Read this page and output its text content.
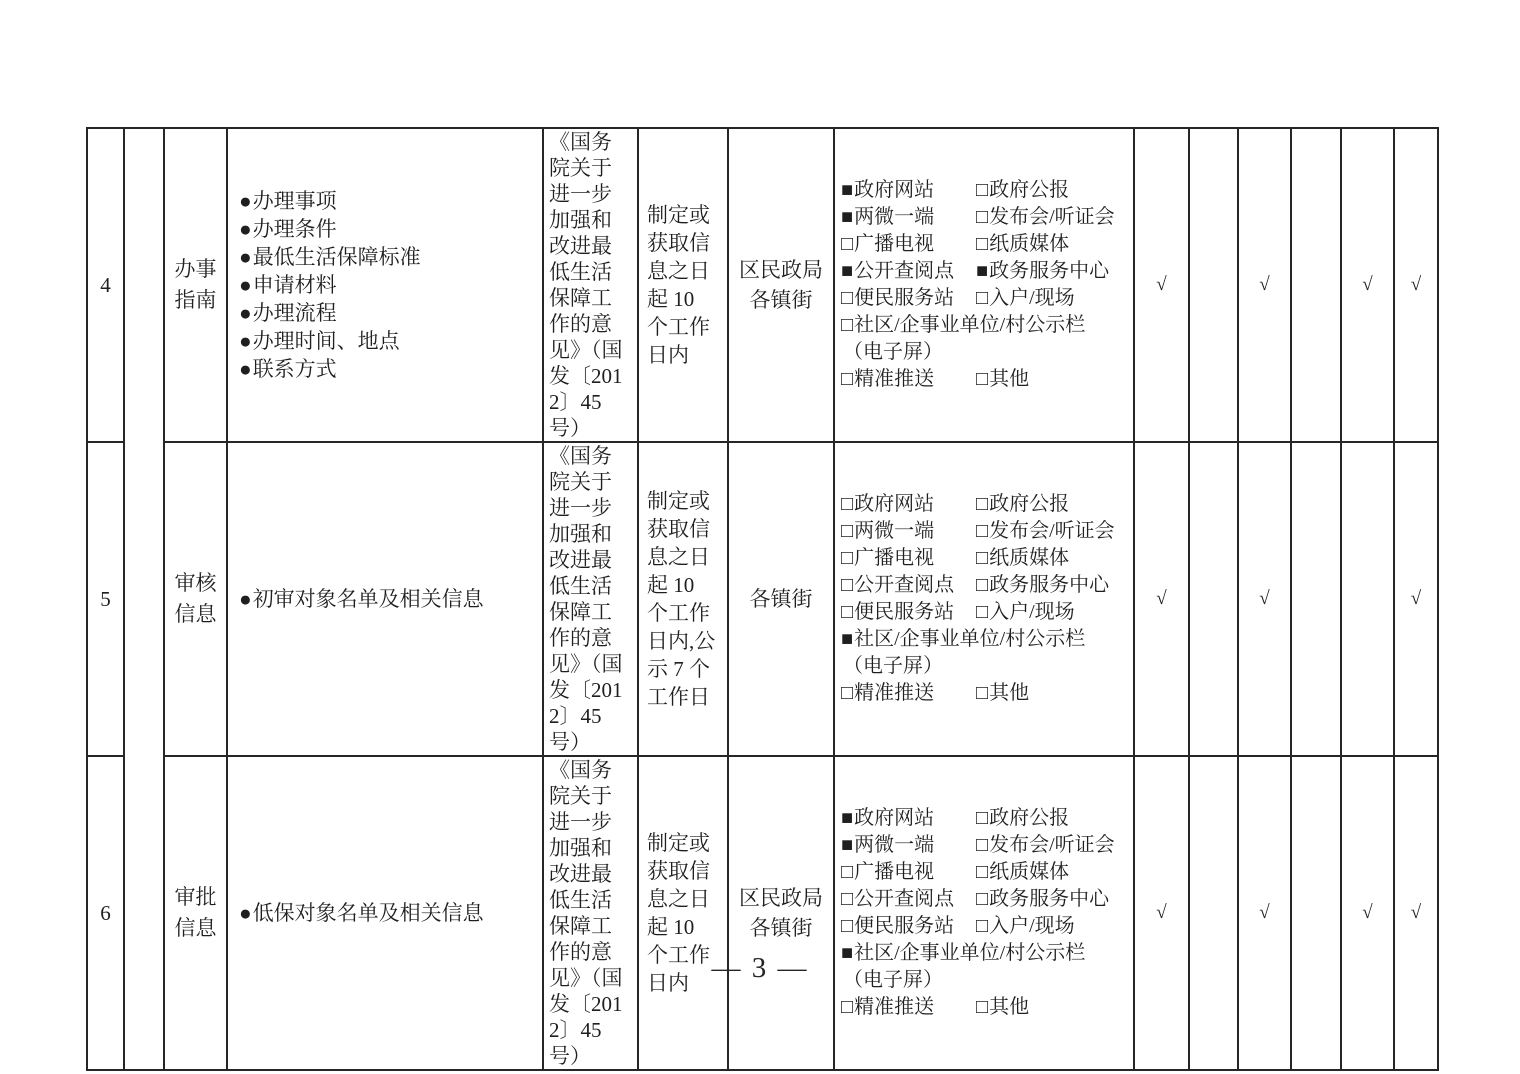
4		办事指南	
●办理事项
●办理条件
●最低生活保障标准
●申请材料
●办理流程
●办理时间、地点
●联系方式
	《国务院关于进一步加强和改进最低生活保障工作的意见》（国发〔2012〕45 号）	制定或获取信息之日起 10 个工作日内	区民政局各镇街	
■政府网站	□政府公报
■两微一端	□发布会/听证会
□广播电视	□纸质媒体
■公开查阅点	■政务服务中心
□便民服务站	□入户/现场
□社区/企事业单位/村公示栏
（电子屏）
□精准推送	□其他
	√		√		√	√
5	审核信息	
●初审对象名单及相关信息
	《国务院关于进一步加强和改进最低生活保障工作的意见》（国发〔2012〕45 号）	制定或获取信息之日起 10 个工作日内,公示 7 个工作日	各镇街	
□政府网站	□政府公报
□两微一端	□发布会/听证会
□广播电视	□纸质媒体
□公开查阅点	□政务服务中心
□便民服务站	□入户/现场
■社区/企事业单位/村公示栏
（电子屏）
□精准推送	□其他
	√		√			√
6	审批信息	
●低保对象名单及相关信息
	《国务院关于进一步加强和改进最低生活保障工作的意见》（国发〔2012〕45 号）	制定或获取信息之日起 10 个工作日内	区民政局各镇街	
■政府网站	□政府公报
■两微一端	□发布会/听证会
□广播电视	□纸质媒体
□公开查阅点	□政务服务中心
□便民服务站	□入户/现场
■社区/企事业单位/村公示栏
（电子屏）
□精准推送	□其他
	√		√		√	√
— 3 —
